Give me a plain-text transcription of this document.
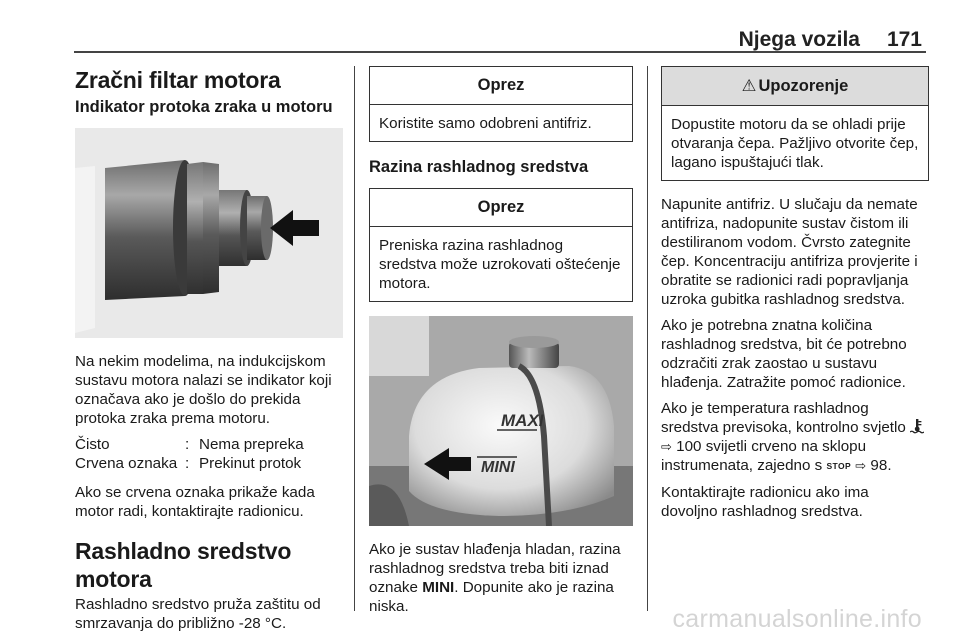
Njega vozila 171
Zračni filtar motora
Indikator protoka zraka u motoru

Na nekim modelima, na indukcijskom sustavu motora nalazi se indikator koji označava ako je došlo do prekida protoka zraka prema motoru.

Čisto	:	Nema prepreka
Crvena oznaka	:	Prekinut protok

Ako se crvena oznaka prikaže kada motor radi, kontaktirajte radionicu.

Rashladno sredstvo motora

Rashladno sredstvo pruža zaštitu od smrzavanja do približno -28 °C.

Oprez
Koristite samo odobreni antifriz.
Razina rashladnog sredstva
Oprez
Preniska razina rashladnog sredstva može uzrokovati oštećenje motora.
MAXI
MINI

Ako je sustav hlađenja hladan, razina rashladnog sredstva treba biti iznad oznake MINI. Dopunite ako je razina niska.

⚠ Upozorenje
Dopustite motoru da se ohladi prije otvaranja čepa. Pažljivo otvorite čep, lagano ispuštajući tlak.

Napunite antifriz. U slučaju da nemate antifriza, nadopunite sustav čistom ili destiliranom vodom. Čvrsto zategnite čep. Koncentraciju antifriza provjerite i obratite se radionici radi popravljanja uzroka gubitka rashladnog sredstva.

Ako je potrebna znatna količina rashladnog sredstva, bit će potrebno odzračiti zrak zaostao u sustavu hlađenja. Zatražite pomoć radionice.

Ako je temperatura rashladnog sredstva previsoka, kontrolno svjetlo  ⇨ 100 svijetli crveno na sklopu instrumenata, zajedno s STOP ⇨ 98.

Kontaktirajte radionicu ako ima dovoljno rashladnog sredstva.

carmanualsonline.info
